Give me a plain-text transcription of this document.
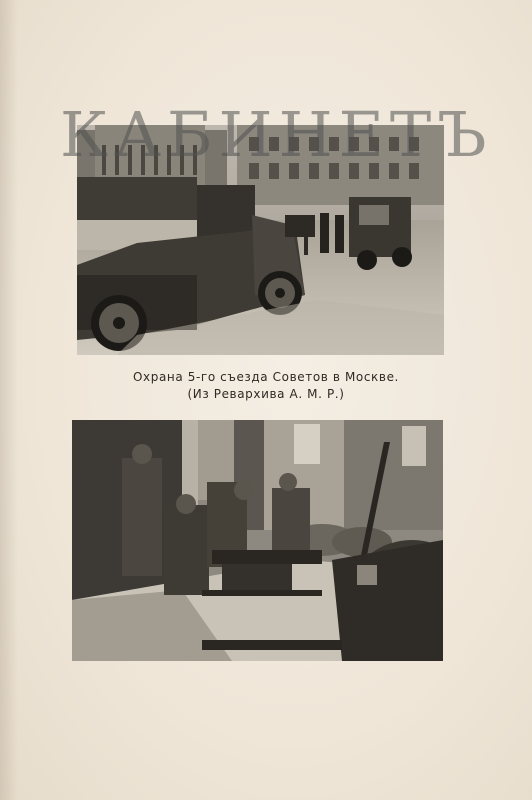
КАБИНЕТЪ
Охрана 5-го съезда Советов в Москве.
(Из Реварxива А. М. Р.)
